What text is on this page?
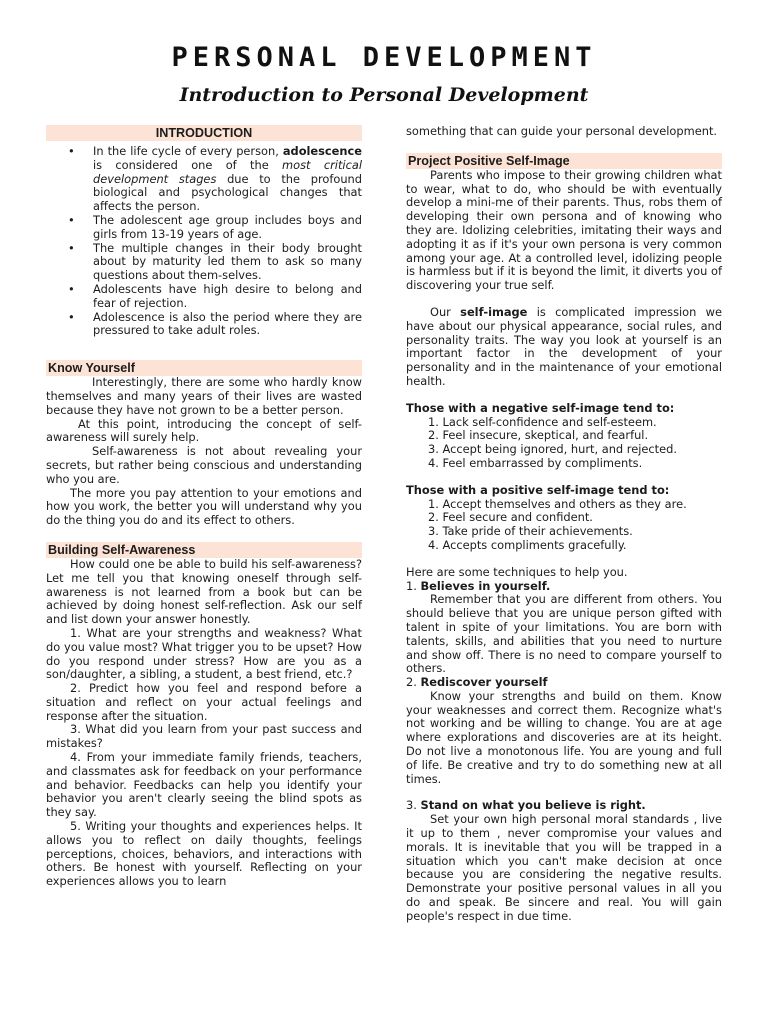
PERSONAL DEVELOPMENT
Introduction to Personal Development
INTRODUCTION
• In the life cycle of every person, adolescence is considered one of the most critical development stages due to the profound biological and psychological changes that affects the person.
• The adolescent age group includes boys and girls from 13-19 years of age.
• The multiple changes in their body brought about by maturity led them to ask so many questions about them-selves.
• Adolescents have high desire to belong and fear of rejection.
• Adolescence is also the period where they are pressured to take adult roles.
Know Yourself

Interestingly, there are some who hardly know themselves and many years of their lives are wasted because they have not grown to be a better person.

At this point, introducing the concept of self-awareness will surely help.

Self-awareness is not about revealing your secrets, but rather being conscious and understanding who you are.

The more you pay attention to your emotions and how you work, the better you will understand why you do the thing you do and its effect to others.

Building Self-Awareness

How could one be able to build his self-awareness? Let me tell you that knowing oneself through self-awareness is not learned from a book but can be achieved by doing honest self-reflection. Ask our self and list down your answer honestly.

1. What are your strengths and weakness? What do you value most? What trigger you to be upset? How do you respond under stress? How are you as a son/daughter, a sibling, a student, a best friend, etc.?

2. Predict how you feel and respond before a situation and reflect on your actual feelings and response after the situation.

3. What did you learn from your past success and mistakes?

4. From your immediate family friends, teachers, and classmates ask for feedback on your performance and behavior. Feedbacks can help you identify your behavior you aren't clearly seeing the blind spots as they say.

5. Writing your thoughts and experiences helps. It allows you to reflect on daily thoughts, feelings perceptions, choices, behaviors, and interactions with others. Be honest with yourself. Reflecting on your experiences allows you to learn

something that can guide your personal development.

Project Positive Self-Image

Parents who impose to their growing children what to wear, what to do, who should be with eventually develop a mini-me of their parents. Thus, robs them of developing their own persona and of knowing who they are. Idolizing celebrities, imitating their ways and adopting it as if it's your own persona is very common among your age. At a controlled level, idolizing people is harmless but if it is beyond the limit, it diverts you of discovering your true self.

Our self-image is complicated impression we have about our physical appearance, social rules, and personality traits. The way you look at yourself is an important factor in the development of your personality and in the maintenance of your emotional health.

Those with a negative self-image tend to:

1. Lack self-confidence and self-esteem.
2. Feel insecure, skeptical, and fearful.
3. Accept being ignored, hurt, and rejected.
4. Feel embarrassed by compliments.

Those with a positive self-image tend to:

1. Accept themselves and others as they are.
2. Feel secure and confident.
3. Take pride of their achievements.
4. Accepts compliments gracefully.

Here are some techniques to help you.

1. Believes in yourself.

Remember that you are different from others. You should believe that you are unique person gifted with talent in spite of your limitations. You are born with talents, skills, and abilities that you need to nurture and show off. There is no need to compare yourself to others.

2. Rediscover yourself

Know your strengths and build on them. Know your weaknesses and correct them. Recognize what's not working and be willing to change. You are at age where explorations and discoveries are at its height. Do not live a monotonous life. You are young and full of life. Be creative and try to do something new at all times.

3. Stand on what you believe is right.

Set your own high personal moral standards , live it up to them , never compromise your values and morals. It is inevitable that you will be trapped in a situation which you can't make decision at once because you are considering the negative results. Demonstrate your positive personal values in all you do and speak. Be sincere and real. You will gain people's respect in due time.
